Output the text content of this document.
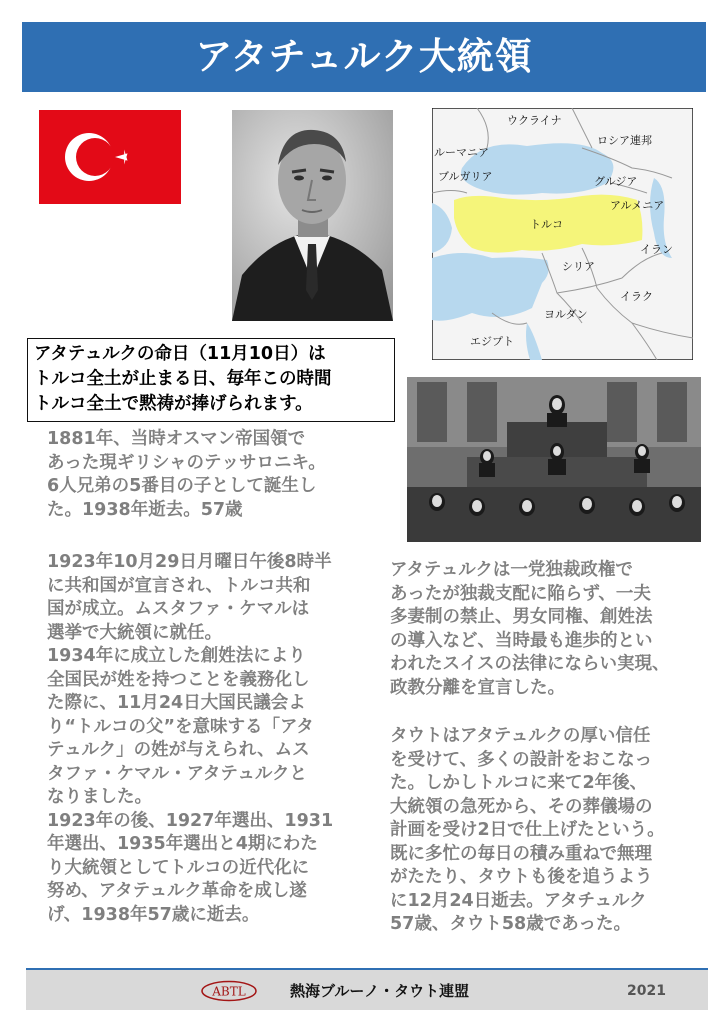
アタチュルク大統領
ウクライナ
ロシア連邦
ルーマニア
ブルガリア	グルジア
アルメニア
トルコ
イラン
シリア
イラク
ヨルダン
エジプト
アタテュルクの命日（11月10日）は
トルコ全土が止まる日、毎年この時間
トルコ全土で黙祷が捧げられます。
1881年、当時オスマン帝国領で
あった現ギリシャのテッサロニキ。
6人兄弟の5番目の子として誕生し
た。1938年逝去。57歳
1923年10月29日月曜日午後8時半
に共和国が宣言され、トルコ共和
国が成立。ムスタファ・ケマルは
選挙で大統領に就任。
1934年に成立した創姓法により
全国民が姓を持つことを義務化し
た際に、11月24日大国民議会よ
り“トルコの父”を意味する「アタ
テュルク」の姓が与えられ、ムス
タファ・ケマル・アタテュルクと
なりました。
1923年の後、1927年選出、1931
年選出、1935年選出と4期にわた
り大統領としてトルコの近代化に
努め、アタテュルク革命を成し遂
げ、1938年57歳に逝去。
アタテュルクは一党独裁政権で
あったが独裁支配に陥らず、一夫
多妻制の禁止、男女同権、創姓法
の導入など、当時最も進歩的とい
われたスイスの法律にならい実現、
政教分離を宣言した。
タウトはアタテュルクの厚い信任
を受けて、多くの設計をおこなっ
た。しかしトルコに来て2年後、
大統領の急死から、その葬儀場の
計画を受け2日で仕上げたという。
既に多忙の毎日の積み重ねで無理
がたたり、タウトも後を追うよう
に12月24日逝去。アタチュルク
57歳、タウト58歳であった。
ABTL	熱海ブルーノ・タウト連盟	2021
